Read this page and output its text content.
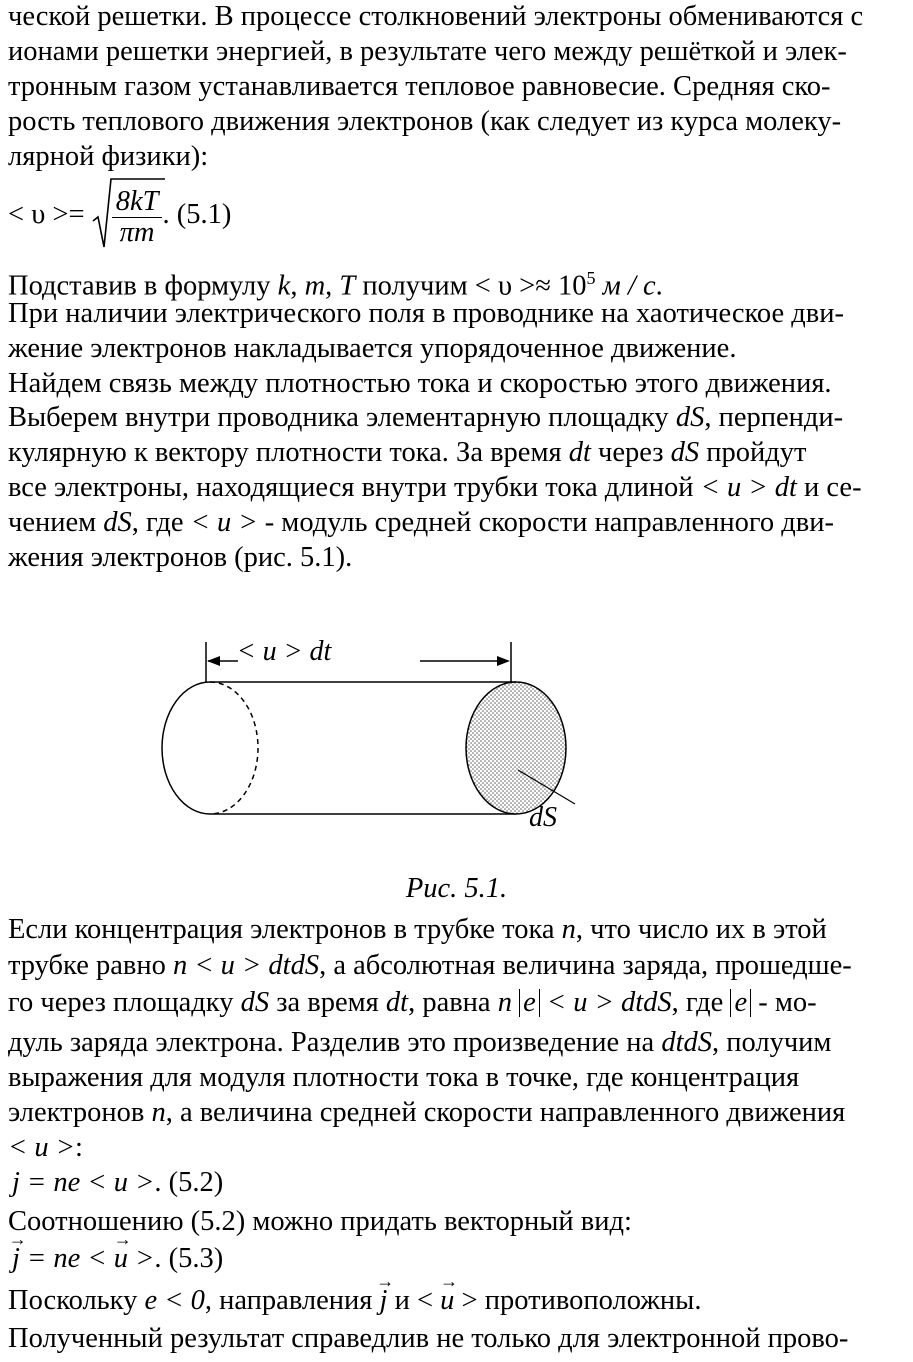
ческой решетки. В процессе столкновений электроны обмениваются с
ионами решетки энергией, в результате чего между решёткой и элек-
тронным газом устанавливается тепловое равновесие. Средняя ско-
рость теплового движения электронов (как следует из курса молеку-
лярной физики):
< $\upsilon >= \frac{8kT}{\pi m}$ . (5.1)
Подставив в формулу k, m, T получим < $\upsilon >\approx 10^5$ м / с.
При наличии электрического поля в проводнике на хаотическое дви-
жение электронов накладывается упорядоченное движение.
Найдем связь между плотностью тока и скоростью этого движения.
Выберем внутри проводника элементарную площадку dS, перпенди-
кулярную к вектору плотности тока. За время dt через dS пройдут
все электроны, находящиеся внутри трубки тока длиной < u > dt и се-
чением dS, где < u > - модуль средней скорости направленного дви-
жения электронов (рис. 5.1).
< u > dt
dS
Рис. 5.1.
Если концентрация электронов в трубке тока n, что число их в этой
трубке равно n < u > dtdS, а абсолютная величина заряда, прошедше-
го через площадку dS за время dt, равна n e < u > dtdS, где e - мо-
дуль заряда электрона. Разделив это произведение на dtdS, получим
выражения для модуля плотности тока в точке, где концентрация
электронов n, а величина средней скорости направленного движения
< u >:
j = ne < u >. (5.2)
Соотношению (5.2) можно придать векторный вид:
→ j = ne < → u >. (5.3)
Поскольку e < 0, направления → j и < → u > противоположны.
Полученный результат справедлив не только для электронной прово-
